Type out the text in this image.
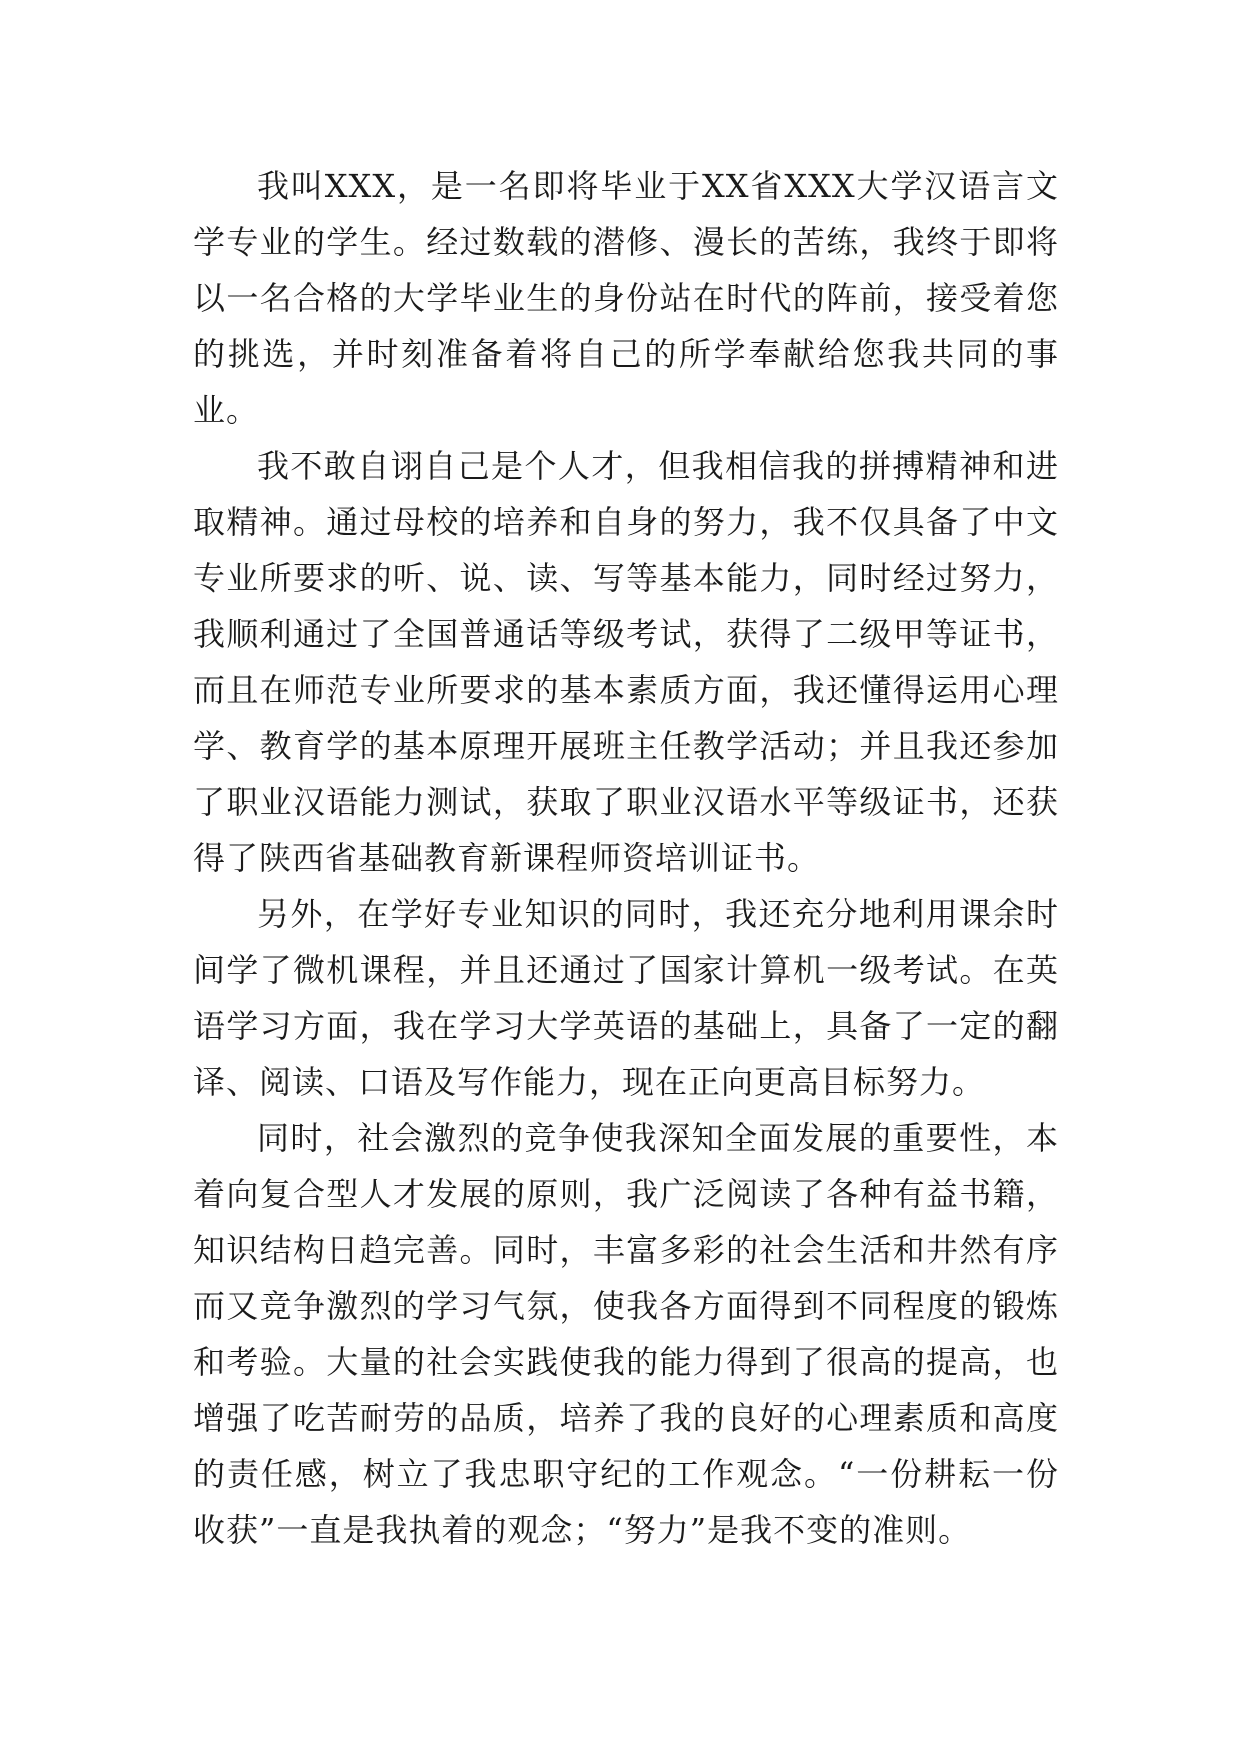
我叫XXX，是一名即将毕业于XX省XXX大学汉语言文学专业的学生。经过数载的潜修、漫长的苦练，我终于即将以一名合格的大学毕业生的身份站在时代的阵前，接受着您的挑选，并时刻准备着将自己的所学奉献给您我共同的事业。

我不敢自诩自己是个人才，但我相信我的拼搏精神和进取精神。通过母校的培养和自身的努力，我不仅具备了中文专业所要求的听、说、读、写等基本能力，同时经过努力，我顺利通过了全国普通话等级考试，获得了二级甲等证书，而且在师范专业所要求的基本素质方面，我还懂得运用心理学、教育学的基本原理开展班主任教学活动；并且我还参加了职业汉语能力测试，获取了职业汉语水平等级证书，还获得了陕西省基础教育新课程师资培训证书。

另外，在学好专业知识的同时，我还充分地利用课余时间学了微机课程，并且还通过了国家计算机一级考试。在英语学习方面，我在学习大学英语的基础上，具备了一定的翻译、阅读、口语及写作能力，现在正向更高目标努力。

同时，社会激烈的竞争使我深知全面发展的重要性，本着向复合型人才发展的原则，我广泛阅读了各种有益书籍，知识结构日趋完善。同时，丰富多彩的社会生活和井然有序而又竞争激烈的学习气氛，使我各方面得到不同程度的锻炼和考验。大量的社会实践使我的能力得到了很高的提高，也增强了吃苦耐劳的品质，培养了我的良好的心理素质和高度的责任感，树立了我忠职守纪的工作观念。“一份耕耘一份收获”一直是我执着的观念；“努力”是我不变的准则。
